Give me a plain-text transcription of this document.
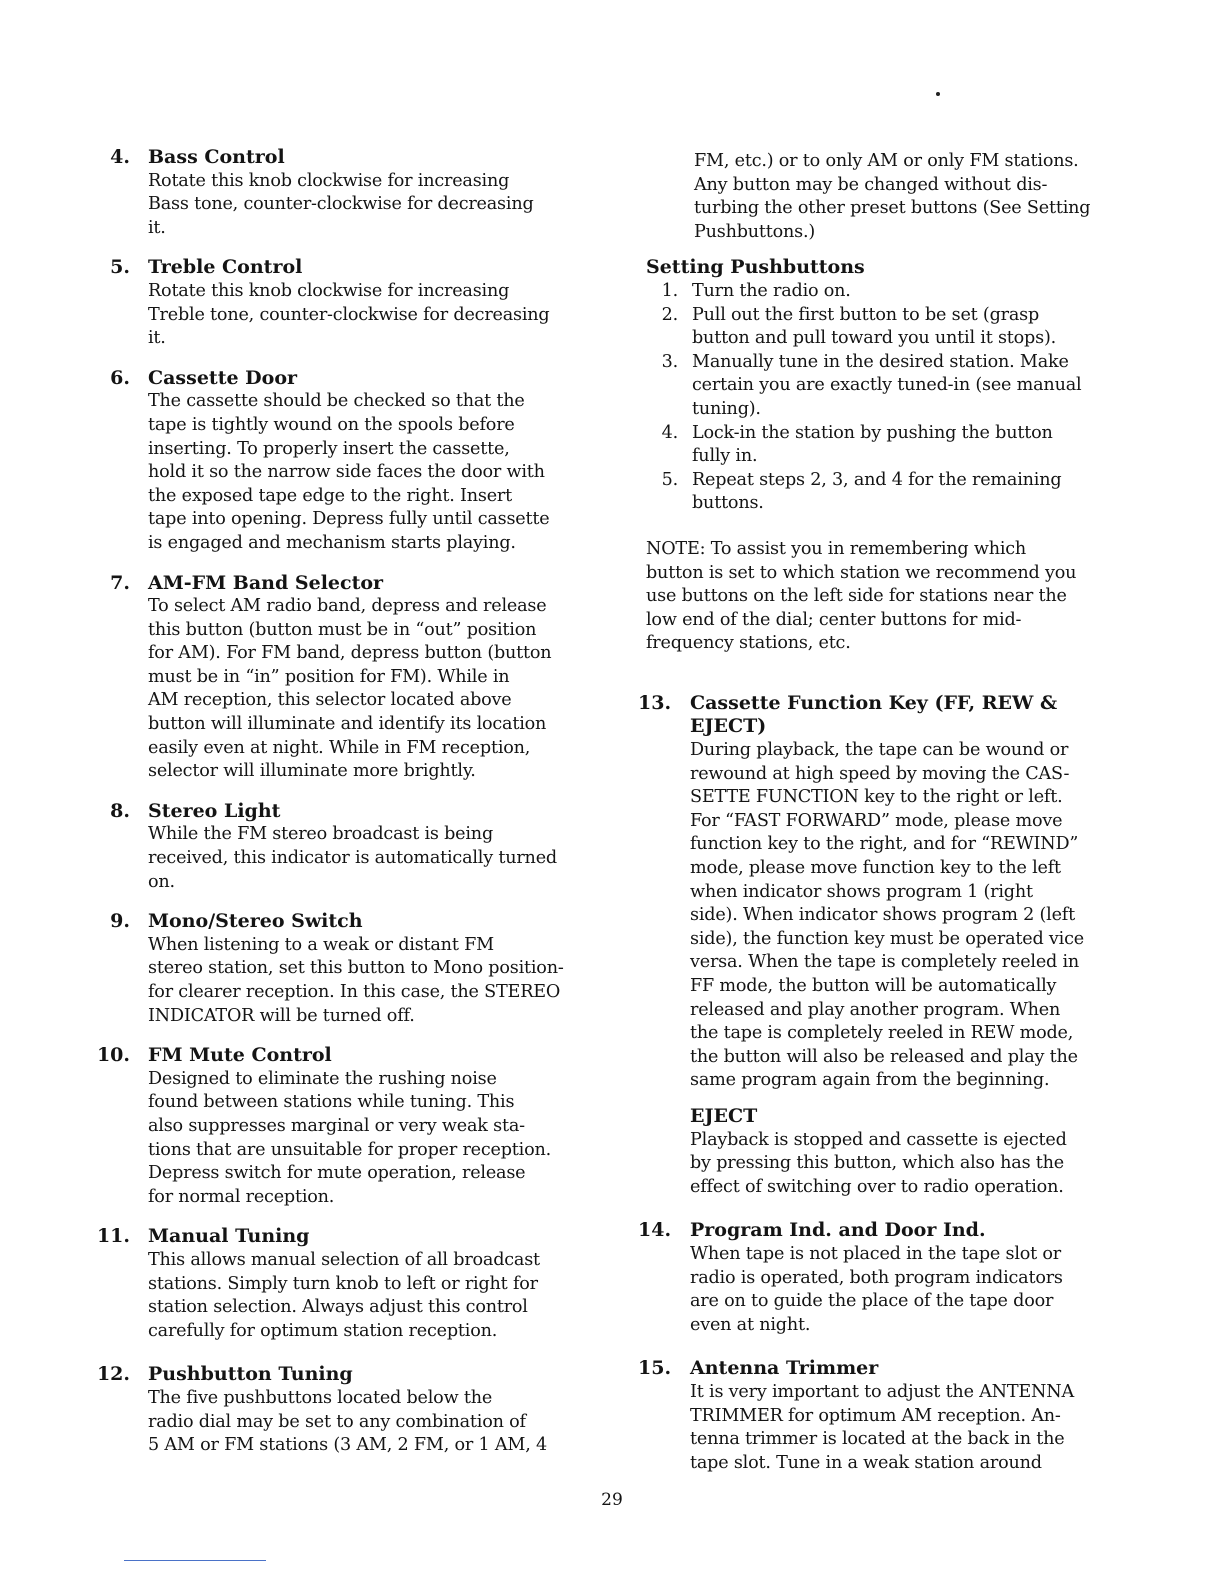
4. Bass Control
Rotate this knob clockwise for increasing
Bass tone, counter-clockwise for decreasing
it.
5. Treble Control
Rotate this knob clockwise for increasing
Treble tone, counter-clockwise for decreasing
it.
6. Cassette Door
The cassette should be checked so that the
tape is tightly wound on the spools before
inserting. To properly insert the cassette,
hold it so the narrow side faces the door with
the exposed tape edge to the right. Insert
tape into opening. Depress fully until cassette
is engaged and mechanism starts playing.
7. AM-FM Band Selector
To select AM radio band, depress and release
this button (button must be in “out” position
for AM). For FM band, depress button (button
must be in “in” position for FM). While in
AM reception, this selector located above
button will illuminate and identify its location
easily even at night. While in FM reception,
selector will illuminate more brightly.
8. Stereo Light
While the FM stereo broadcast is being
received, this indicator is automatically turned
on.
9. Mono/Stereo Switch
When listening to a weak or distant FM
stereo station, set this button to Mono position-
for clearer reception. In this case, the STEREO
INDICATOR will be turned off.
10. FM Mute Control
Designed to eliminate the rushing noise
found between stations while tuning. This
also suppresses marginal or very weak sta-
tions that are unsuitable for proper reception.
Depress switch for mute operation, release
for normal reception.
11. Manual Tuning
This allows manual selection of all broadcast
stations. Simply turn knob to left or right for
station selection. Always adjust this control
carefully for optimum station reception.
12. Pushbutton Tuning
The five pushbuttons located below the
radio dial may be set to any combination of
5 AM or FM stations (3 AM, 2 FM, or 1 AM, 4
FM, etc.) or to only AM or only FM stations.
Any button may be changed without dis-
turbing the other preset buttons (See Setting
Pushbuttons.)
Setting Pushbuttons
1. Turn the radio on.
2. Pull out the first button to be set (grasp
button and pull toward you until it stops).
3. Manually tune in the desired station. Make
certain you are exactly tuned-in (see manual
tuning).
4. Lock-in the station by pushing the button
fully in.
5. Repeat steps 2, 3, and 4 for the remaining
buttons.
NOTE: To assist you in remembering which
button is set to which station we recommend you
use buttons on the left side for stations near the
low end of the dial; center buttons for mid-
frequency stations, etc.
13. Cassette Function Key (FF, REW &
EJECT)
During playback, the tape can be wound or
rewound at high speed by moving the CAS-
SETTE FUNCTION key to the right or left.
For “FAST FORWARD” mode, please move
function key to the right, and for “REWIND”
mode, please move function key to the left
when indicator shows program 1 (right
side). When indicator shows program 2 (left
side), the function key must be operated vice
versa. When the tape is completely reeled in
FF mode, the button will be automatically
released and play another program. When
the tape is completely reeled in REW mode,
the button will also be released and play the
same program again from the beginning.
EJECT
Playback is stopped and cassette is ejected
by pressing this button, which also has the
effect of switching over to radio operation.
14. Program Ind. and Door Ind.
When tape is not placed in the tape slot or
radio is operated, both program indicators
are on to guide the place of the tape door
even at night.
15. Antenna Trimmer
It is very important to adjust the ANTENNA
TRIMMER for optimum AM reception. An-
tenna trimmer is located at the back in the
tape slot. Tune in a weak station around
29
